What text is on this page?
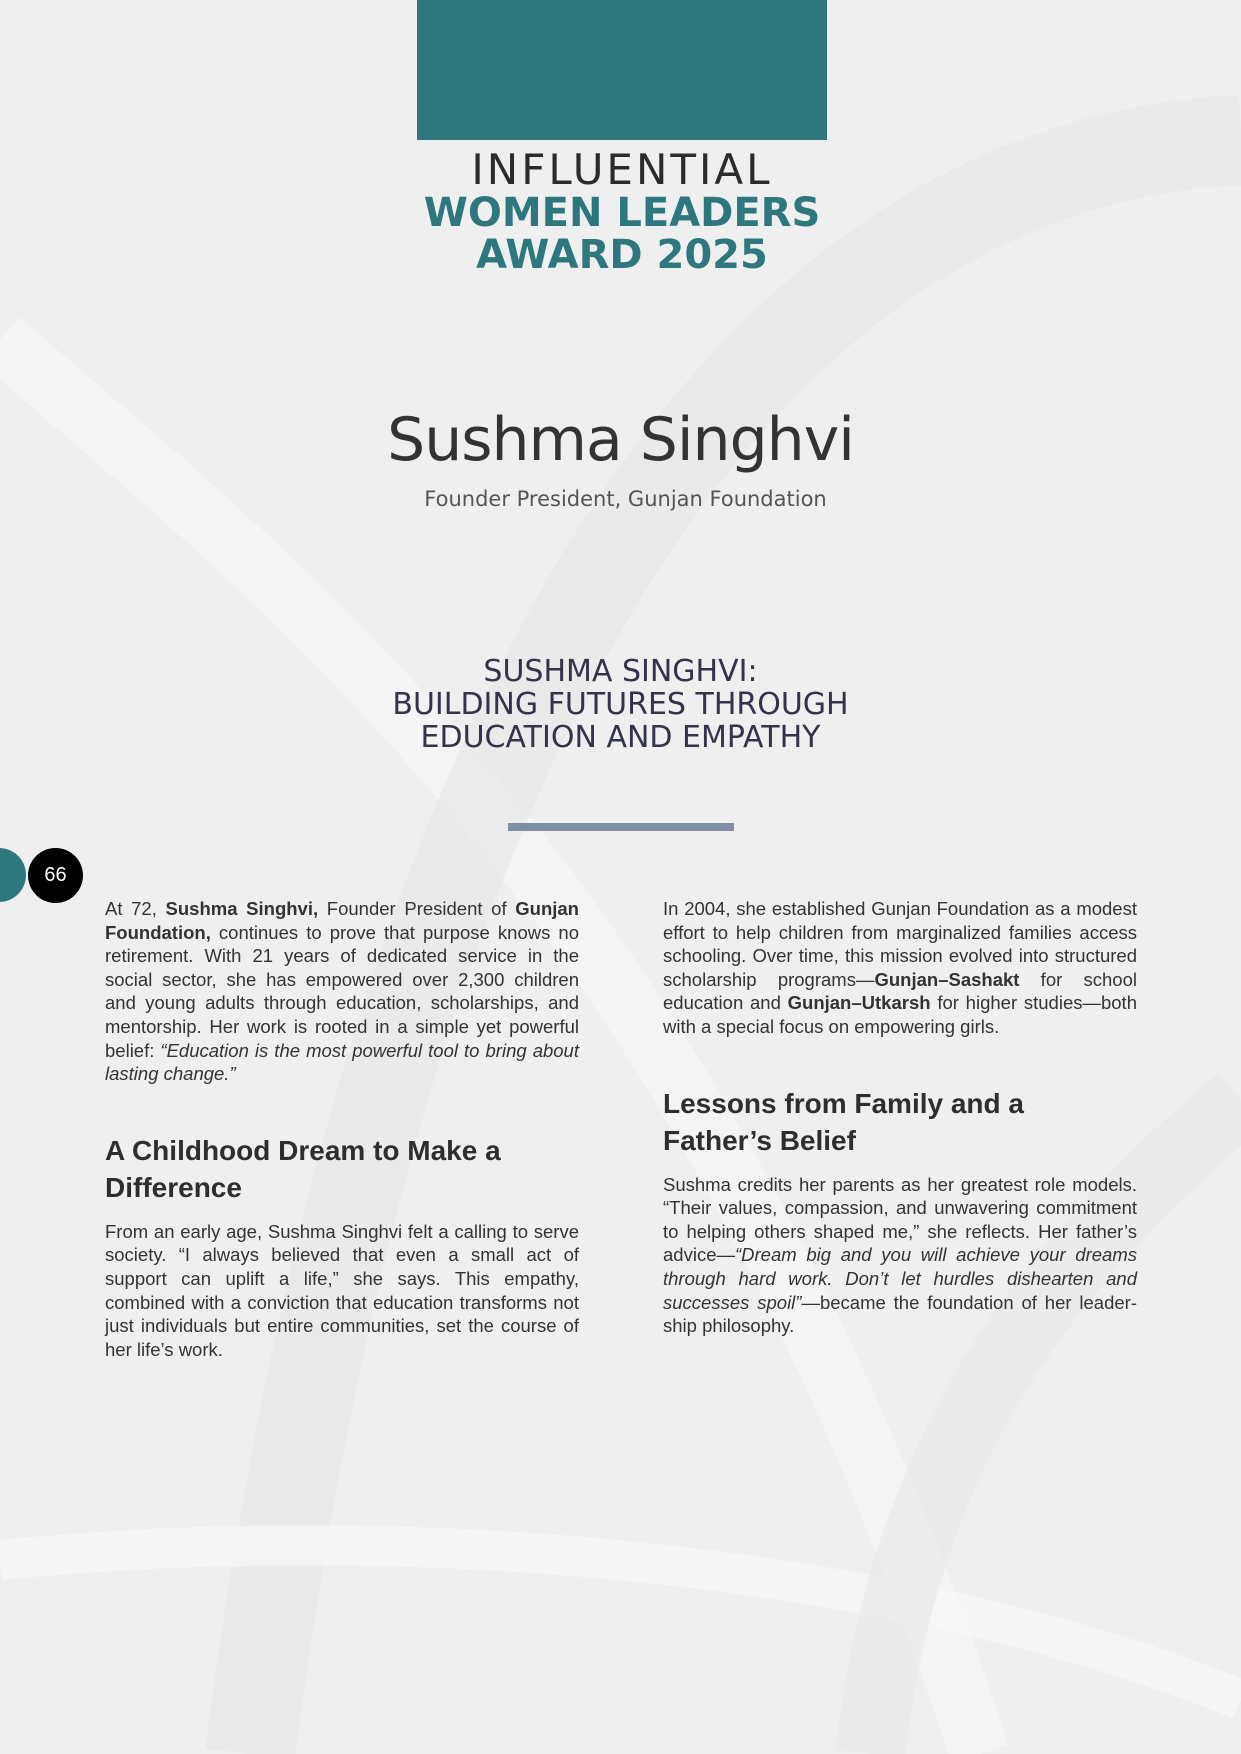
INFLUENTIAL
WOMEN LEADERS
AWARD 2025
Sushma Singhvi
Founder President, Gunjan Foundation
SUSHMA SINGHVI:
BUILDING FUTURES THROUGH
EDUCATION AND EMPATHY
66

At 72, Sushma Singhvi, Founder President of Gunjan Foundation, continues to prove that purpose knows no retirement. With 21 years of dedicated service in the social sector, she has empowered over 2,300 children and young adults through education, scholarships, and mentorship. Her work is rooted in a simple yet powerful belief: “Education is the most powerful tool to bring about lasting change.”

A Childhood Dream to Make a Difference

From an early age, Sushma Singhvi felt a calling to serve society. “I always believed that even a small act of support can uplift a life,” she says. This empathy, combined with a conviction that education transforms not just individuals but entire communities, set the course of her life’s work.

In 2004, she established Gunjan Foundation as a modest effort to help children from marginalized families access schooling. Over time, this mission evolved into structured scholarship programs—Gunjan–Sashakt for school education and Gunjan–Utkarsh for higher studies—both with a special focus on empowering girls.

Lessons from Family and a Father’s Belief

Sushma credits her parents as her greatest role models. “Their values, compassion, and unwavering commitment to helping others shaped me,” she reflects. Her father’s advice—“Dream big and you will achieve your dreams through hard work. Don’t let hurdles dishearten and successes spoil”—became the foundation of her leader-ship philosophy.
